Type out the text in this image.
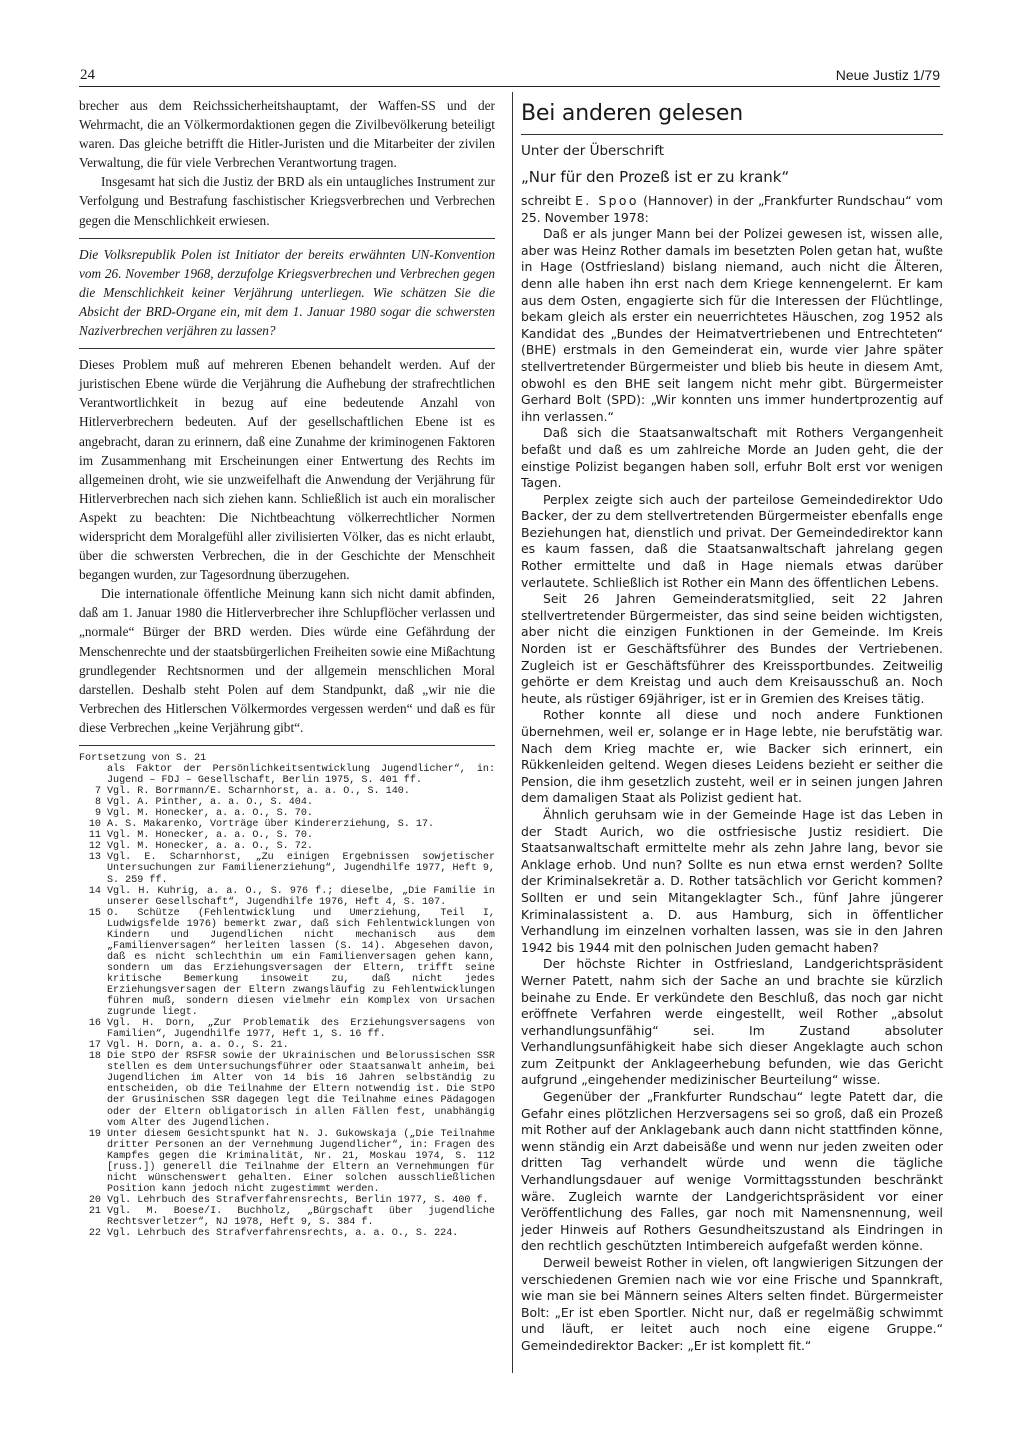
24	Neue Justiz 1/79

brecher aus dem Reichssicherheitshauptamt, der Waffen-SS und der Wehrmacht, die an Völkermordaktionen gegen die Zivilbevölkerung beteiligt waren. Das gleiche betrifft die Hitler-Juristen und die Mitarbeiter der zivilen Verwaltung, die für viele Verbrechen Verantwortung tragen.

Insgesamt hat sich die Justiz der BRD als ein untaugliches Instrument zur Verfolgung und Bestrafung faschistischer Kriegsverbrechen und Verbrechen gegen die Menschlichkeit erwiesen.

Die Volksrepublik Polen ist Initiator der bereits erwähnten UN-Konvention vom 26. November 1968, derzufolge Kriegsverbrechen und Verbrechen gegen die Menschlichkeit keiner Verjährung unterliegen. Wie schätzen Sie die Absicht der BRD-Organe ein, mit dem 1. Januar 1980 sogar die schwersten Naziverbrechen verjähren zu lassen?

Dieses Problem muß auf mehreren Ebenen behandelt werden. Auf der juristischen Ebene würde die Verjährung die Aufhebung der strafrechtlichen Verantwortlichkeit in bezug auf eine bedeutende Anzahl von Hitlerverbrechern bedeuten. Auf der gesellschaftlichen Ebene ist es angebracht, daran zu erinnern, daß eine Zunahme der kriminogenen Faktoren im Zusammenhang mit Erscheinungen einer Entwertung des Rechts im allgemeinen droht, wie sie unzweifelhaft die Anwendung der Verjährung für Hitlerverbrechen nach sich ziehen kann. Schließlich ist auch ein moralischer Aspekt zu beachten: Die Nichtbeachtung völkerrechtlicher Normen widerspricht dem Moralgefühl aller zivilisierten Völker, das es nicht erlaubt, über die schwersten Verbrechen, die in der Geschichte der Menschheit begangen wurden, zur Tagesordnung überzugehen.

Die internationale öffentliche Meinung kann sich nicht damit abfinden, daß am 1. Januar 1980 die Hitlerverbrecher ihre Schlupflöcher verlassen und „normale“ Bürger der BRD werden. Dies würde eine Gefährdung der Menschenrechte und der staatsbürgerlichen Freiheiten sowie eine Mißachtung grundlegender Rechtsnormen und der allgemein menschlichen Moral darstellen. Deshalb steht Polen auf dem Standpunkt, daß „wir nie die Verbrechen des Hitlerschen Völkermordes vergessen werden“ und daß es für diese Verbrechen „keine Verjährung gibt“.

Fortsetzung von S. 21
als Faktor der Persönlichkeitsentwicklung Jugendlicher“, in: Jugend – FDJ – Gesellschaft, Berlin 1975, S. 401 ff.
7 Vgl. R. Borrmann/E. Scharnhorst, a. a. O., S. 140.
8 Vgl. A. Pinther, a. a. O., S. 404.
9 Vgl. M. Honecker, a. a. O., S. 70.
10 A. S. Makarenko, Vorträge über Kindererziehung, S. 17.
11 Vgl. M. Honecker, a. a. O., S. 70.
12 Vgl. M. Honecker, a. a. O., S. 72.
13 Vgl. E. Scharnhorst, „Zu einigen Ergebnissen sowjetischer Untersuchungen zur Familienerziehung“, Jugendhilfe 1977, Heft 9, S. 259 ff.
14 Vgl. H. Kuhrig, a. a. O., S. 976 f.; dieselbe, „Die Familie in unserer Gesellschaft“, Jugendhilfe 1976, Heft 4, S. 107.
15 O. Schütze (Fehlentwicklung und Umerziehung, Teil I, Ludwigsfelde 1976) bemerkt zwar, daß sich Fehlentwicklungen von Kindern und Jugendlichen nicht mechanisch aus dem „Familienversagen“ herleiten lassen (S. 14). Abgesehen davon, daß es nicht schlechthin um ein Familienversagen gehen kann, sondern um das Erziehungsversagen der Eltern, trifft seine kritische Bemerkung insoweit zu, daß nicht jedes Erziehungsversagen der Eltern zwangsläufig zu Fehlentwicklungen führen muß, sondern diesen vielmehr ein Komplex von Ursachen zugrunde liegt.
16 Vgl. H. Dorn, „Zur Problematik des Erziehungsversagens von Familien“, Jugendhilfe 1977, Heft 1, S. 16 ff.
17 Vgl. H. Dorn, a. a. O., S. 21.
18 Die StPO der RSFSR sowie der Ukrainischen und Belorussischen SSR stellen es dem Untersuchungsführer oder Staatsanwalt anheim, bei Jugendlichen im Alter von 14 bis 16 Jahren selbständig zu entscheiden, ob die Teilnahme der Eltern notwendig ist. Die StPO der Grusinischen SSR dagegen legt die Teilnahme eines Pädagogen oder der Eltern obligatorisch in allen Fällen fest, unabhängig vom Alter des Jugendlichen.
19 Unter diesem Gesichtspunkt hat N. J. Gukowskaja („Die Teilnahme dritter Personen an der Vernehmung Jugendlicher“, in: Fragen des Kampfes gegen die Kriminalität, Nr. 21, Moskau 1974, S. 112 [russ.]) generell die Teilnahme der Eltern an Vernehmungen für nicht wünschenswert gehalten. Einer solchen ausschließlichen Position kann jedoch nicht zugestimmt werden.
20 Vgl. Lehrbuch des Strafverfahrensrechts, Berlin 1977, S. 400 f.
21 Vgl. M. Boese/I. Buchholz, „Bürgschaft über jugendliche Rechtsverletzer“, NJ 1978, Heft 9, S. 384 f.
22 Vgl. Lehrbuch des Strafverfahrensrechts, a. a. O., S. 224.
Bei anderen gelesen
Unter der Überschrift
„Nur für den Prozeß ist er zu krank“

schreibt E. Spoo (Hannover) in der „Frankfurter Rundschau“ vom 25. November 1978:

Daß er als junger Mann bei der Polizei gewesen ist, wissen alle, aber was Heinz Rother damals im besetzten Polen getan hat, wußte in Hage (Ostfriesland) bislang niemand, auch nicht die Älteren, denn alle haben ihn erst nach dem Kriege kennengelernt. Er kam aus dem Osten, engagierte sich für die Interessen der Flüchtlinge, bekam gleich als erster ein neuerrichtetes Häuschen, zog 1952 als Kandidat des „Bundes der Heimatvertriebenen und Entrechteten“ (BHE) erstmals in den Gemeinderat ein, wurde vier Jahre später stellvertretender Bürgermeister und blieb bis heute in diesem Amt, obwohl es den BHE seit langem nicht mehr gibt. Bürgermeister Gerhard Bolt (SPD): „Wir konnten uns immer hundertprozentig auf ihn verlassen.“

Daß sich die Staatsanwaltschaft mit Rothers Vergangenheit befaßt und daß es um zahlreiche Morde an Juden geht, die der einstige Polizist begangen haben soll, erfuhr Bolt erst vor wenigen Tagen.

Perplex zeigte sich auch der parteilose Gemeindedirektor Udo Backer, der zu dem stellvertretenden Bürgermeister ebenfalls enge Beziehungen hat, dienstlich und privat. Der Gemeindedirektor kann es kaum fassen, daß die Staatsanwaltschaft jahrelang gegen Rother ermittelte und daß in Hage niemals etwas darüber verlautete. Schließlich ist Rother ein Mann des öffentlichen Lebens.

Seit 26 Jahren Gemeinderatsmitglied, seit 22 Jahren stellvertretender Bürgermeister, das sind seine beiden wichtigsten, aber nicht die einzigen Funktionen in der Gemeinde. Im Kreis Norden ist er Geschäftsführer des Bundes der Vertriebenen. Zugleich ist er Geschäftsführer des Kreissportbundes. Zeitweilig gehörte er dem Kreistag und auch dem Kreisausschuß an. Noch heute, als rüstiger 69jähriger, ist er in Gremien des Kreises tätig.

Rother konnte all diese und noch andere Funktionen übernehmen, weil er, solange er in Hage lebte, nie berufstätig war. Nach dem Krieg machte er, wie Backer sich erinnert, ein Rükkenleiden geltend. Wegen dieses Leidens bezieht er seither die Pension, die ihm gesetzlich zusteht, weil er in seinen jungen Jahren dem damaligen Staat als Polizist gedient hat.

Ähnlich geruhsam wie in der Gemeinde Hage ist das Leben in der Stadt Aurich, wo die ostfriesische Justiz residiert. Die Staatsanwaltschaft ermittelte mehr als zehn Jahre lang, bevor sie Anklage erhob. Und nun? Sollte es nun etwa ernst werden? Sollte der Kriminalsekretär a. D. Rother tatsächlich vor Gericht kommen? Sollten er und sein Mitangeklagter Sch., fünf Jahre jüngerer Kriminalassistent a. D. aus Hamburg, sich in öffentlicher Verhandlung im einzelnen vorhalten lassen, was sie in den Jahren 1942 bis 1944 mit den polnischen Juden gemacht haben?

Der höchste Richter in Ostfriesland, Landgerichtspräsident Werner Patett, nahm sich der Sache an und brachte sie kürzlich beinahe zu Ende. Er verkündete den Beschluß, das noch gar nicht eröffnete Verfahren werde eingestellt, weil Rother „absolut verhandlungsunfähig“ sei. Im Zustand absoluter Verhandlungsunfähigkeit habe sich dieser Angeklagte auch schon zum Zeitpunkt der Anklageerhebung befunden, wie das Gericht aufgrund „eingehender medizinischer Beurteilung“ wisse.

Gegenüber der „Frankfurter Rundschau“ legte Patett dar, die Gefahr eines plötzlichen Herzversagens sei so groß, daß ein Prozeß mit Rother auf der Anklagebank auch dann nicht stattfinden könne, wenn ständig ein Arzt dabeisäße und wenn nur jeden zweiten oder dritten Tag verhandelt würde und wenn die tägliche Verhandlungsdauer auf wenige Vormittagsstunden beschränkt wäre. Zugleich warnte der Landgerichtspräsident vor einer Veröffentlichung des Falles, gar noch mit Namensnennung, weil jeder Hinweis auf Rothers Gesundheitszustand als Eindringen in den rechtlich geschützten Intimbereich aufgefaßt werden könne.

Derweil beweist Rother in vielen, oft langwierigen Sitzungen der verschiedenen Gremien nach wie vor eine Frische und Spannkraft, wie man sie bei Männern seines Alters selten findet. Bürgermeister Bolt: „Er ist eben Sportler. Nicht nur, daß er regelmäßig schwimmt und läuft, er leitet auch noch eine eigene Gruppe.“ Gemeindedirektor Backer: „Er ist komplett fit.“
